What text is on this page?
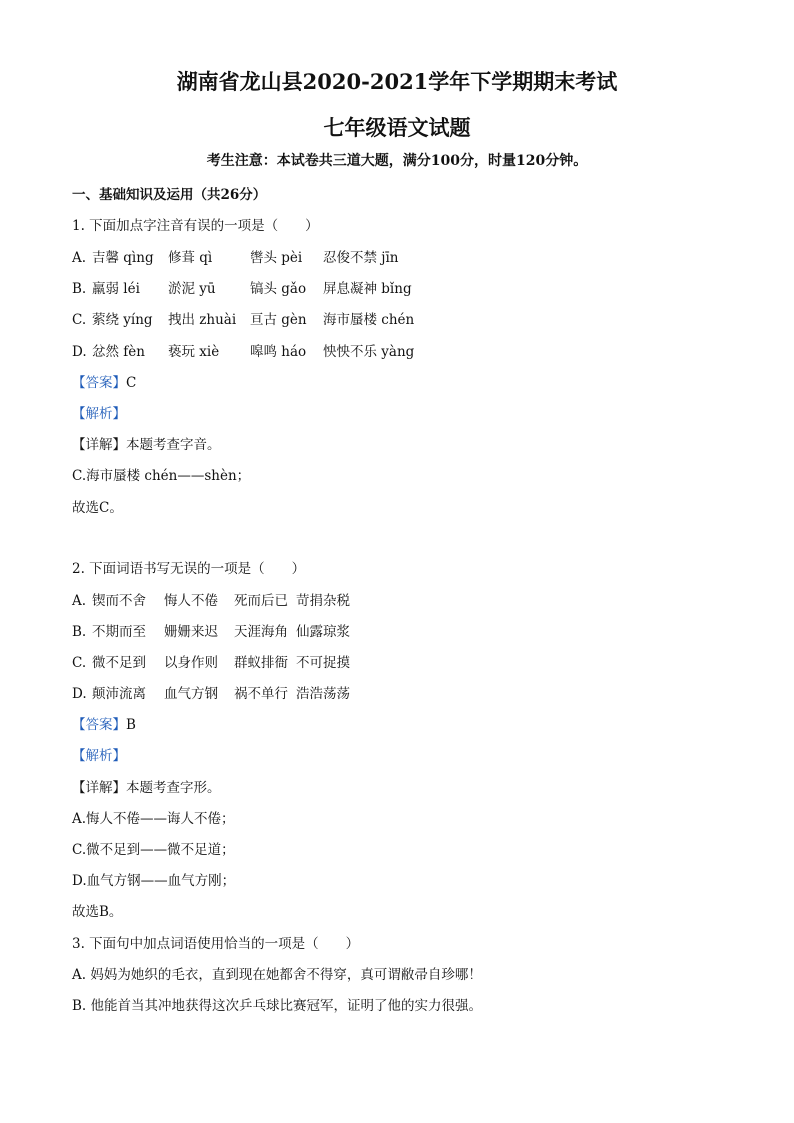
湖南省龙山县2020-2021学年下学期期末考试
七年级语文试题
考生注意：本试卷共三道大题，满分100分，时量120分钟。
一、基础知识及运用（共26分）
1. 下面加点字注音有误的一项是（　　）
A. 吉馨 qìng 修葺 qì	辔头 pèi 忍俊不禁 jīn
B. 羸弱 léi 淤泥 yū	镐头 gǎo 屏息凝神 bǐng
C. 萦绕 yíng 拽出 zhuài 亘古 gèn 海市蜃楼 chén
D. 忿然 fèn 亵玩 xiè 嗥鸣 háo 怏怏不乐 yàng
【答案】C
【解析】
【详解】本题考查字音。
C.海市蜃楼 chén——shèn；
故选C。
2. 下面词语书写无误的一项是（　　）
A. 锲而不舍 悔人不倦 死而后已 苛捐杂税
B. 不期而至 姗姗来迟 天涯海角 仙露琼浆
C. 微不足到 以身作则 群蚁排衙 不可捉摸
D. 颠沛流离 血气方钢 祸不单行 浩浩荡荡
【答案】B
【解析】
【详解】本题考查字形。
A.悔人不倦——诲人不倦；
C.微不足到——微不足道；
D.血气方钢——血气方刚；
故选B。
3. 下面句中加点词语使用恰当的一项是（　　）
A. 妈妈为她织的毛衣，直到现在她都舍不得穿，真可谓敝帚自珍哪！
B. 他能首当其冲地获得这次乒乓球比赛冠军，证明了他的实力很强。
